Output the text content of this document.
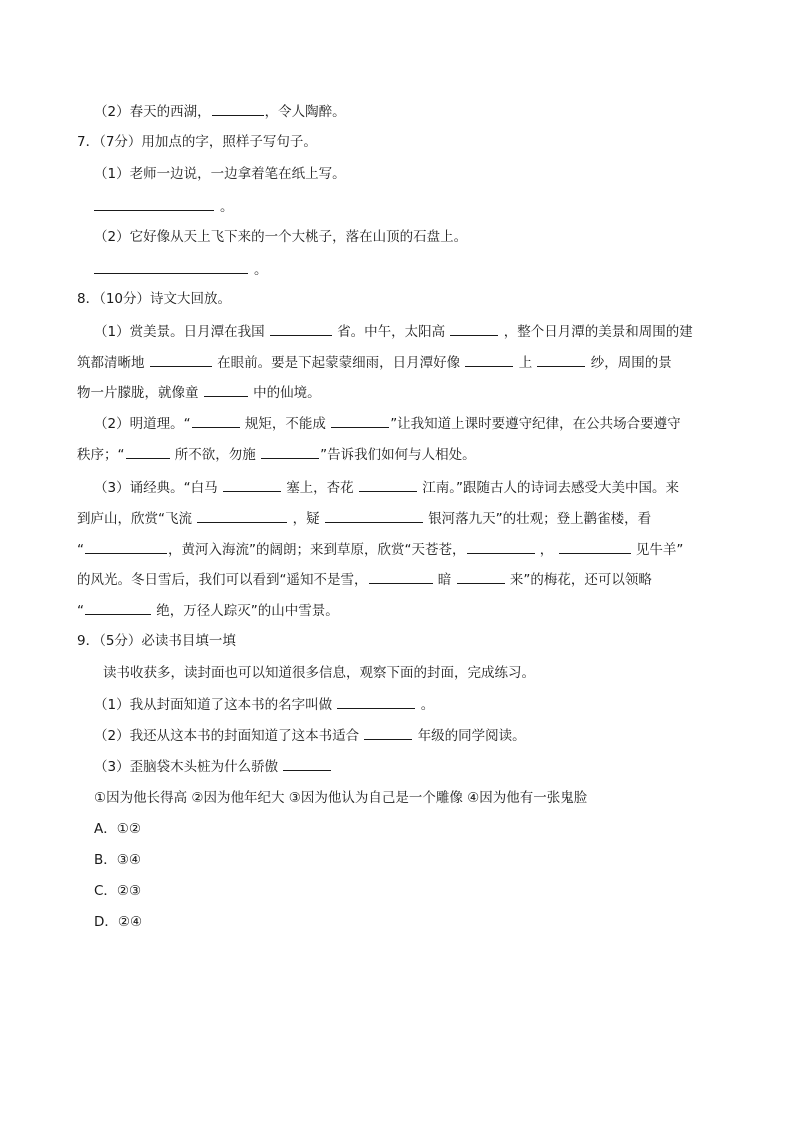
（2）春天的西湖，	，令人陶醉。
7．（7分）用加点的字，照样子写句子。
（1）老师一边说，一边拿着笔在纸上写。
。
（2）它好像从天上飞下来的一个大桃子，落在山顶的石盘上。
。
8．（10分）诗文大回放。
（1）赏美景。日月潭在我国	省。中午，太阳高	，整个日月潭的美景和周围的建
筑都清晰地	在眼前。要是下起蒙蒙细雨，日月潭好像	上	纱，周围的景
物一片朦胧，就像童	中的仙境。
（2）明道理。“	规矩，不能成	”让我知道上课时要遵守纪律，在公共场合要遵守
秩序；“	所不欲，勿施	”告诉我们如何与人相处。
（3）诵经典。“白马	塞上，杏花	江南。”跟随古人的诗词去感受大美中国。来
到庐山，欣赏“飞流	，疑	银河落九天”的壮观；登上鹳雀楼，看
“	，黄河入海流”的阔朗；来到草原，欣赏“天苍苍，	，	见牛羊”
的风光。冬日雪后，我们可以看到“遥知不是雪，	暗	来”的梅花，还可以领略
“	绝，万径人踪灭”的山中雪景。
9．（5分）必读书目填一填
读书收获多，读封面也可以知道很多信息，观察下面的封面，完成练习。
（1）我从封面知道了这本书的名字叫做	。
（2）我还从这本书的封面知道了这本书适合	年级的同学阅读。
（3）歪脑袋木头桩为什么骄傲
①因为他长得高 ②因为他年纪大 ③因为他认为自己是一个雕像 ④因为他有一张鬼脸
A．①②
B．③④
C．②③
D．②④
